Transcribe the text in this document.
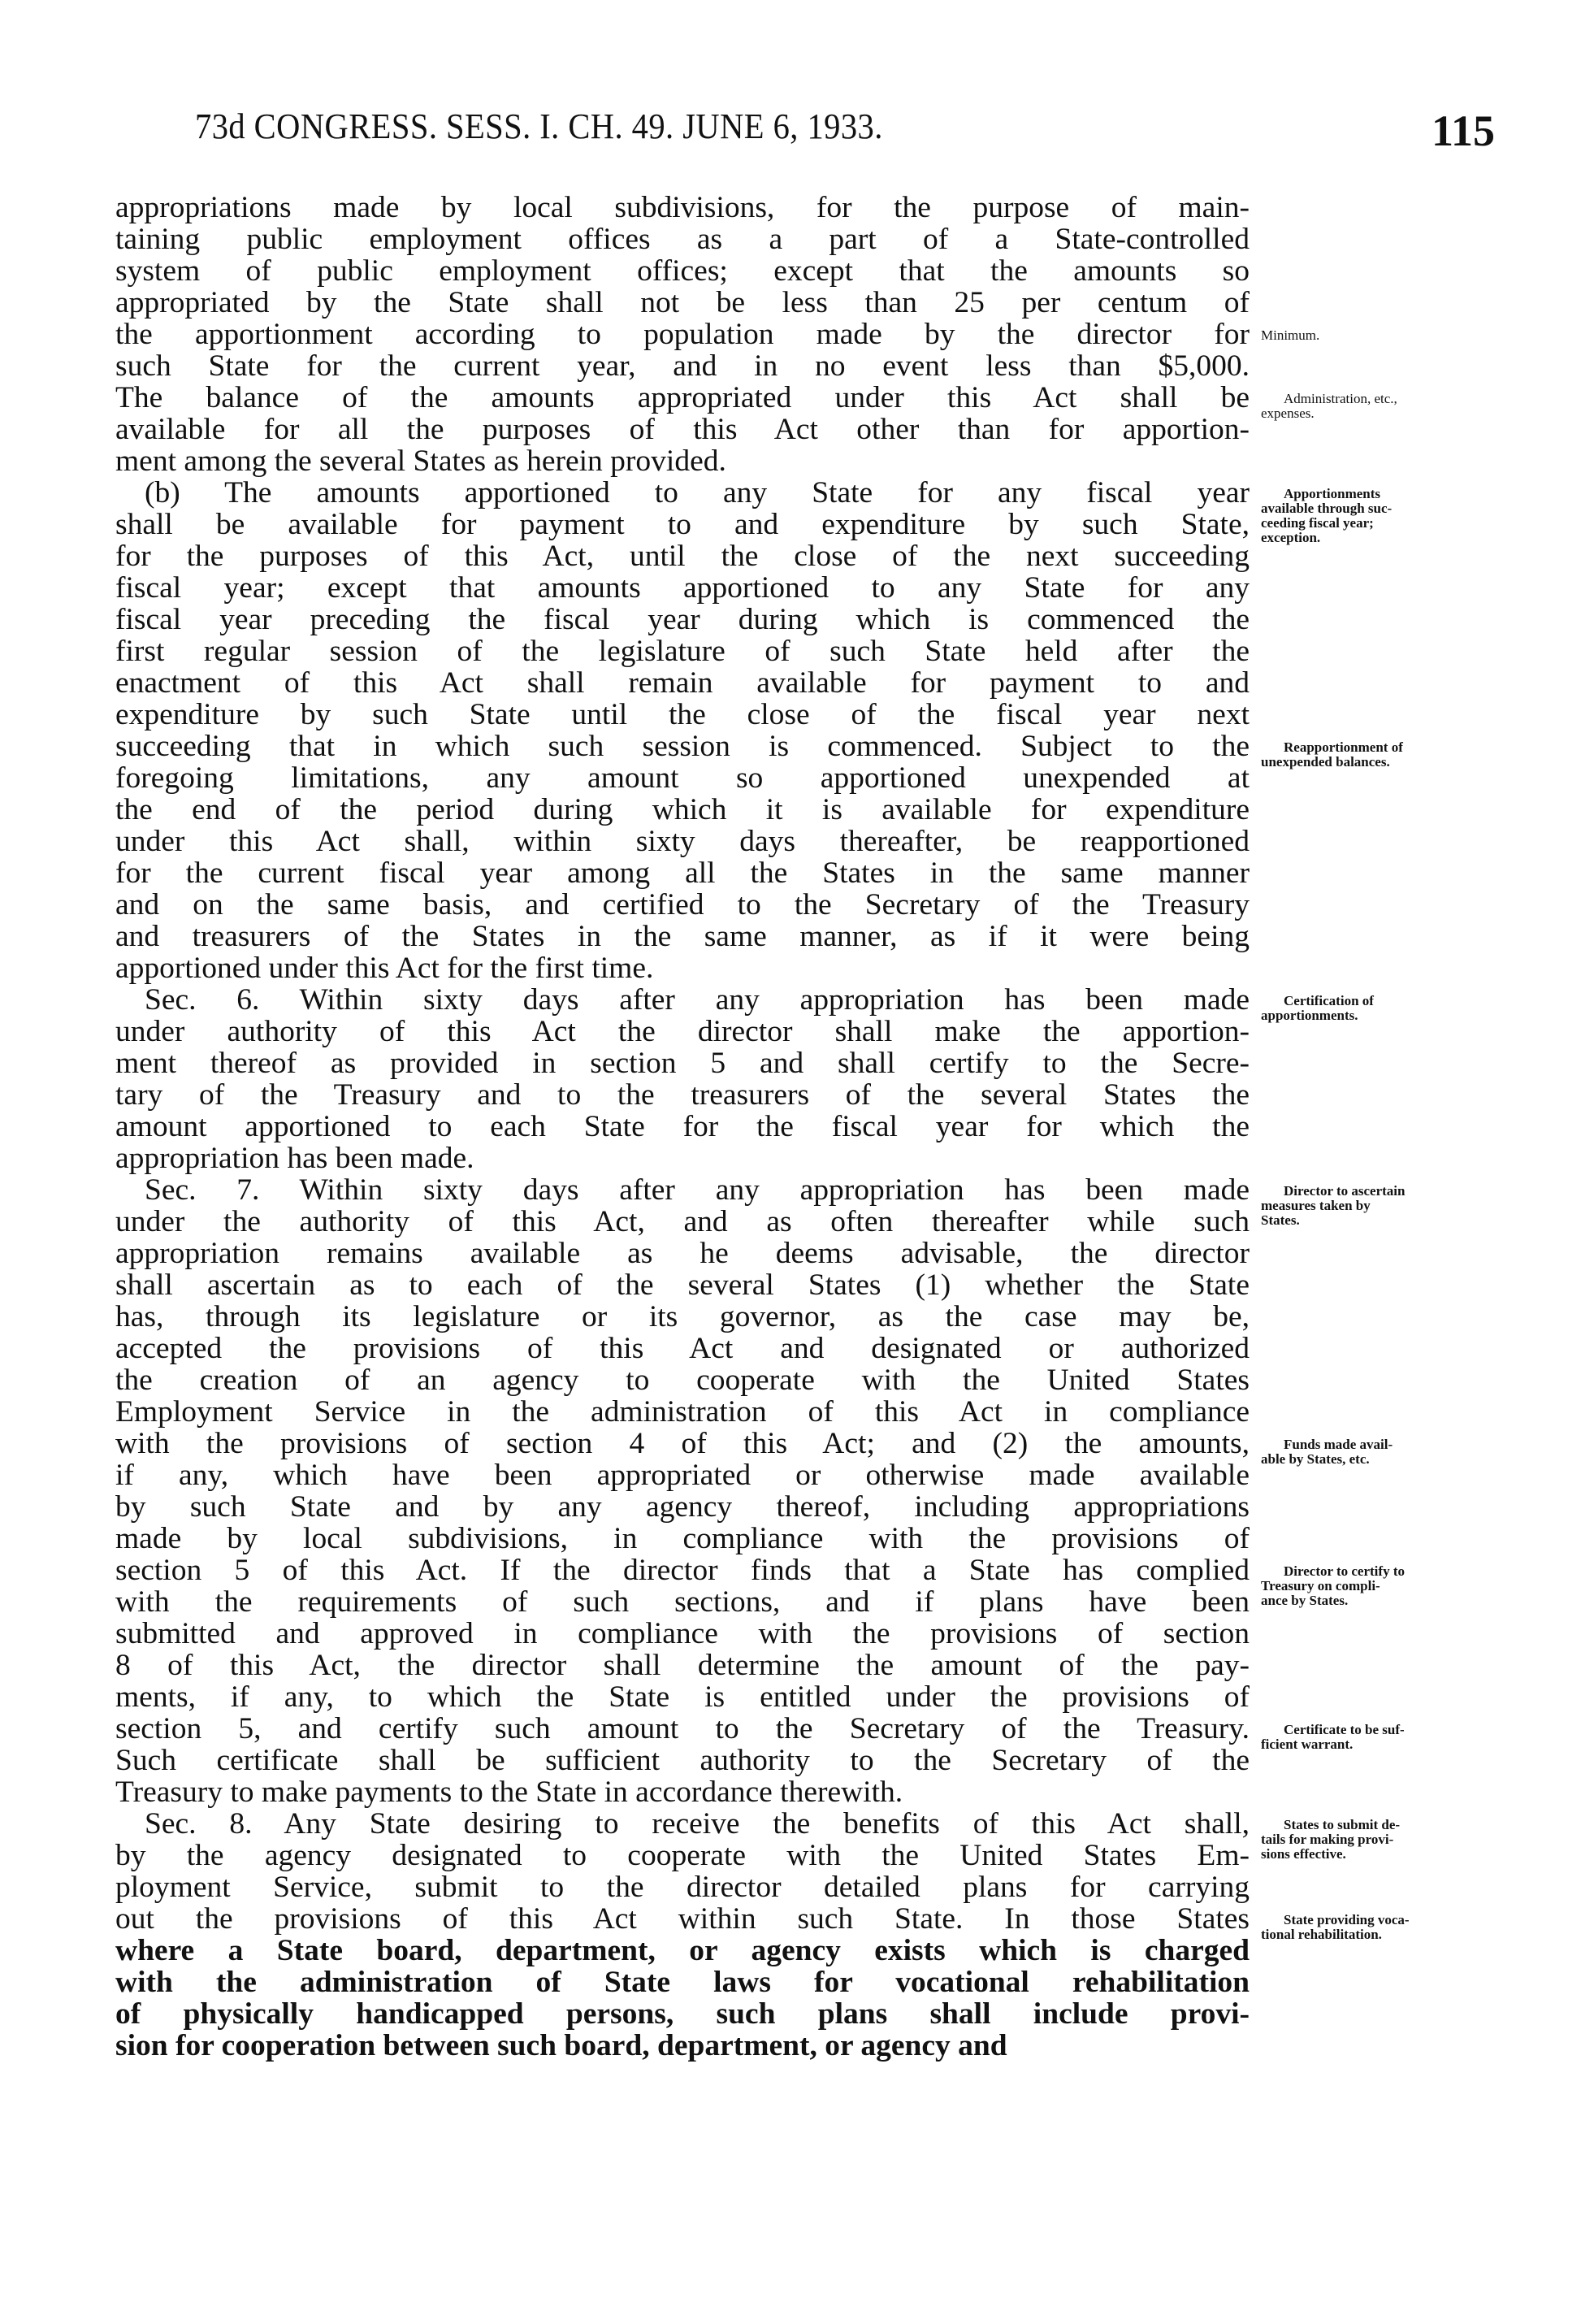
73d CONGRESS. SESS. I. CH. 49. JUNE 6, 1933.	115
appropriations made by local subdivisions, for the purpose of main-
taining public employment offices as a part of a State-controlled
system of public employment offices; except that the amounts so
appropriated by the State shall not be less than 25 per centum of
the apportionment according to population made by the director for
such State for the current year, and in no event less than $5,000.
The balance of the amounts appropriated under this Act shall be
available for all the purposes of this Act other than for apportion-
ment among the several States as herein provided.
(b) The amounts apportioned to any State for any fiscal year
shall be available for payment to and expenditure by such State,
for the purposes of this Act, until the close of the next succeeding
fiscal year; except that amounts apportioned to any State for any
fiscal year preceding the fiscal year during which is commenced the
first regular session of the legislature of such State held after the
enactment of this Act shall remain available for payment to and
expenditure by such State until the close of the fiscal year next
succeeding that in which such session is commenced. Subject to the
foregoing limitations, any amount so apportioned unexpended at
the end of the period during which it is available for expenditure
under this Act shall, within sixty days thereafter, be reapportioned
for the current fiscal year among all the States in the same manner
and on the same basis, and certified to the Secretary of the Treasury
and treasurers of the States in the same manner, as if it were being
apportioned under this Act for the first time.
Sec. 6. Within sixty days after any appropriation has been made
under authority of this Act the director shall make the apportion-
ment thereof as provided in section 5 and shall certify to the Secre-
tary of the Treasury and to the treasurers of the several States the
amount apportioned to each State for the fiscal year for which the
appropriation has been made.
Sec. 7. Within sixty days after any appropriation has been made
under the authority of this Act, and as often thereafter while such
appropriation remains available as he deems advisable, the director
shall ascertain as to each of the several States (1) whether the State
has, through its legislature or its governor, as the case may be,
accepted the provisions of this Act and designated or authorized
the creation of an agency to cooperate with the United States
Employment Service in the administration of this Act in compliance
with the provisions of section 4 of this Act; and (2) the amounts,
if any, which have been appropriated or otherwise made available
by such State and by any agency thereof, including appropriations
made by local subdivisions, in compliance with the provisions of
section 5 of this Act. If the director finds that a State has complied
with the requirements of such sections, and if plans have been
submitted and approved in compliance with the provisions of section
8 of this Act, the director shall determine the amount of the pay-
ments, if any, to which the State is entitled under the provisions of
section 5, and certify such amount to the Secretary of the Treasury.
Such certificate shall be sufficient authority to the Secretary of the
Treasury to make payments to the State in accordance therewith.
Sec. 8. Any State desiring to receive the benefits of this Act shall,
by the agency designated to cooperate with the United States Em-
ployment Service, submit to the director detailed plans for carrying
out the provisions of this Act within such State. In those States
where a State board, department, or agency exists which is charged
with the administration of State laws for vocational rehabilitation
of physically handicapped persons, such plans shall include provi-
sion for cooperation between such board, department, or agency and
Minimum.
Administration, etc.,
expenses.
Apportionments
available through suc-
ceeding fiscal year;
exception.
Reapportionment of
unexpended balances.
Certification of
apportionments.
Director to ascertain
measures taken by
States.
Funds made avail-
able by States, etc.
Director to certify to
Treasury on compli-
ance by States.
Certificate to be suf-
ficient warrant.
States to submit de-
tails for making provi-
sions effective.
State providing voca-
tional rehabilitation.
